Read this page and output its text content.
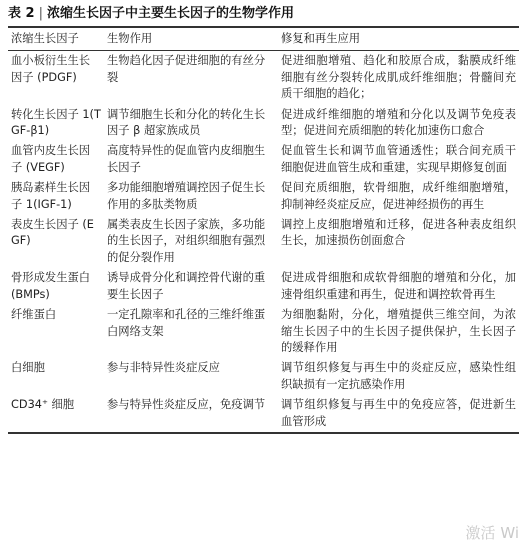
表 2 | 浓缩生长因子中主要生长因子的生物学作用
浓缩生长因子	生物作用	修复和再生应用
血小板衍生生长因子 (PDGF)	生物趋化因子促进细胞的有丝分裂	促进细胞增殖、趋化和胶原合成，黏膜成纤维细胞有丝分裂转化成肌成纤维细胞；骨髓间充质干细胞的趋化；
转化生长因子 1(TGF-β1)	调节细胞生长和分化的转化生长因子 β 超家族成员	促进成纤维细胞的增殖和分化以及调节免疫表型；促进间充质细胞的转化加速伤口愈合
血管内皮生长因子 (VEGF)	高度特异性的促血管内皮细胞生长因子	促血管生长和调节血管通透性；联合间充质干细胞促进血管生成和重建，实现早期修复创面
胰岛素样生长因子 1(IGF-1)	多功能细胞增殖调控因子促生长作用的多肽类物质	促间充质细胞，软骨细胞，成纤维细胞增殖，抑制神经炎症反应，促进神经损伤的再生
表皮生长因子 (EGF)	属类表皮生长因子家族，多功能的生长因子，对组织细胞有强烈的促分裂作用	调控上皮细胞增殖和迁移，促进各种表皮组织生长，加速损伤创面愈合
骨形成发生蛋白 (BMPs)	诱导成骨分化和调控骨代谢的重要生长因子	促进成骨细胞和成软骨细胞的增殖和分化，加速骨组织重建和再生，促进和调控软骨再生
纤维蛋白	一定孔隙率和孔径的三维纤维蛋白网络支架	为细胞黏附，分化，增殖提供三维空间，为浓缩生长因子中的生长因子提供保护，生长因子的缓释作用
白细胞	参与非特异性炎症反应	调节组织修复与再生中的炎症反应，感染性组织缺损有一定抗感染作用
CD34⁺ 细胞	参与特异性炎症反应，免疫调节	调节组织修复与再生中的免疫应答，促进新生血管形成
激活 Wi
